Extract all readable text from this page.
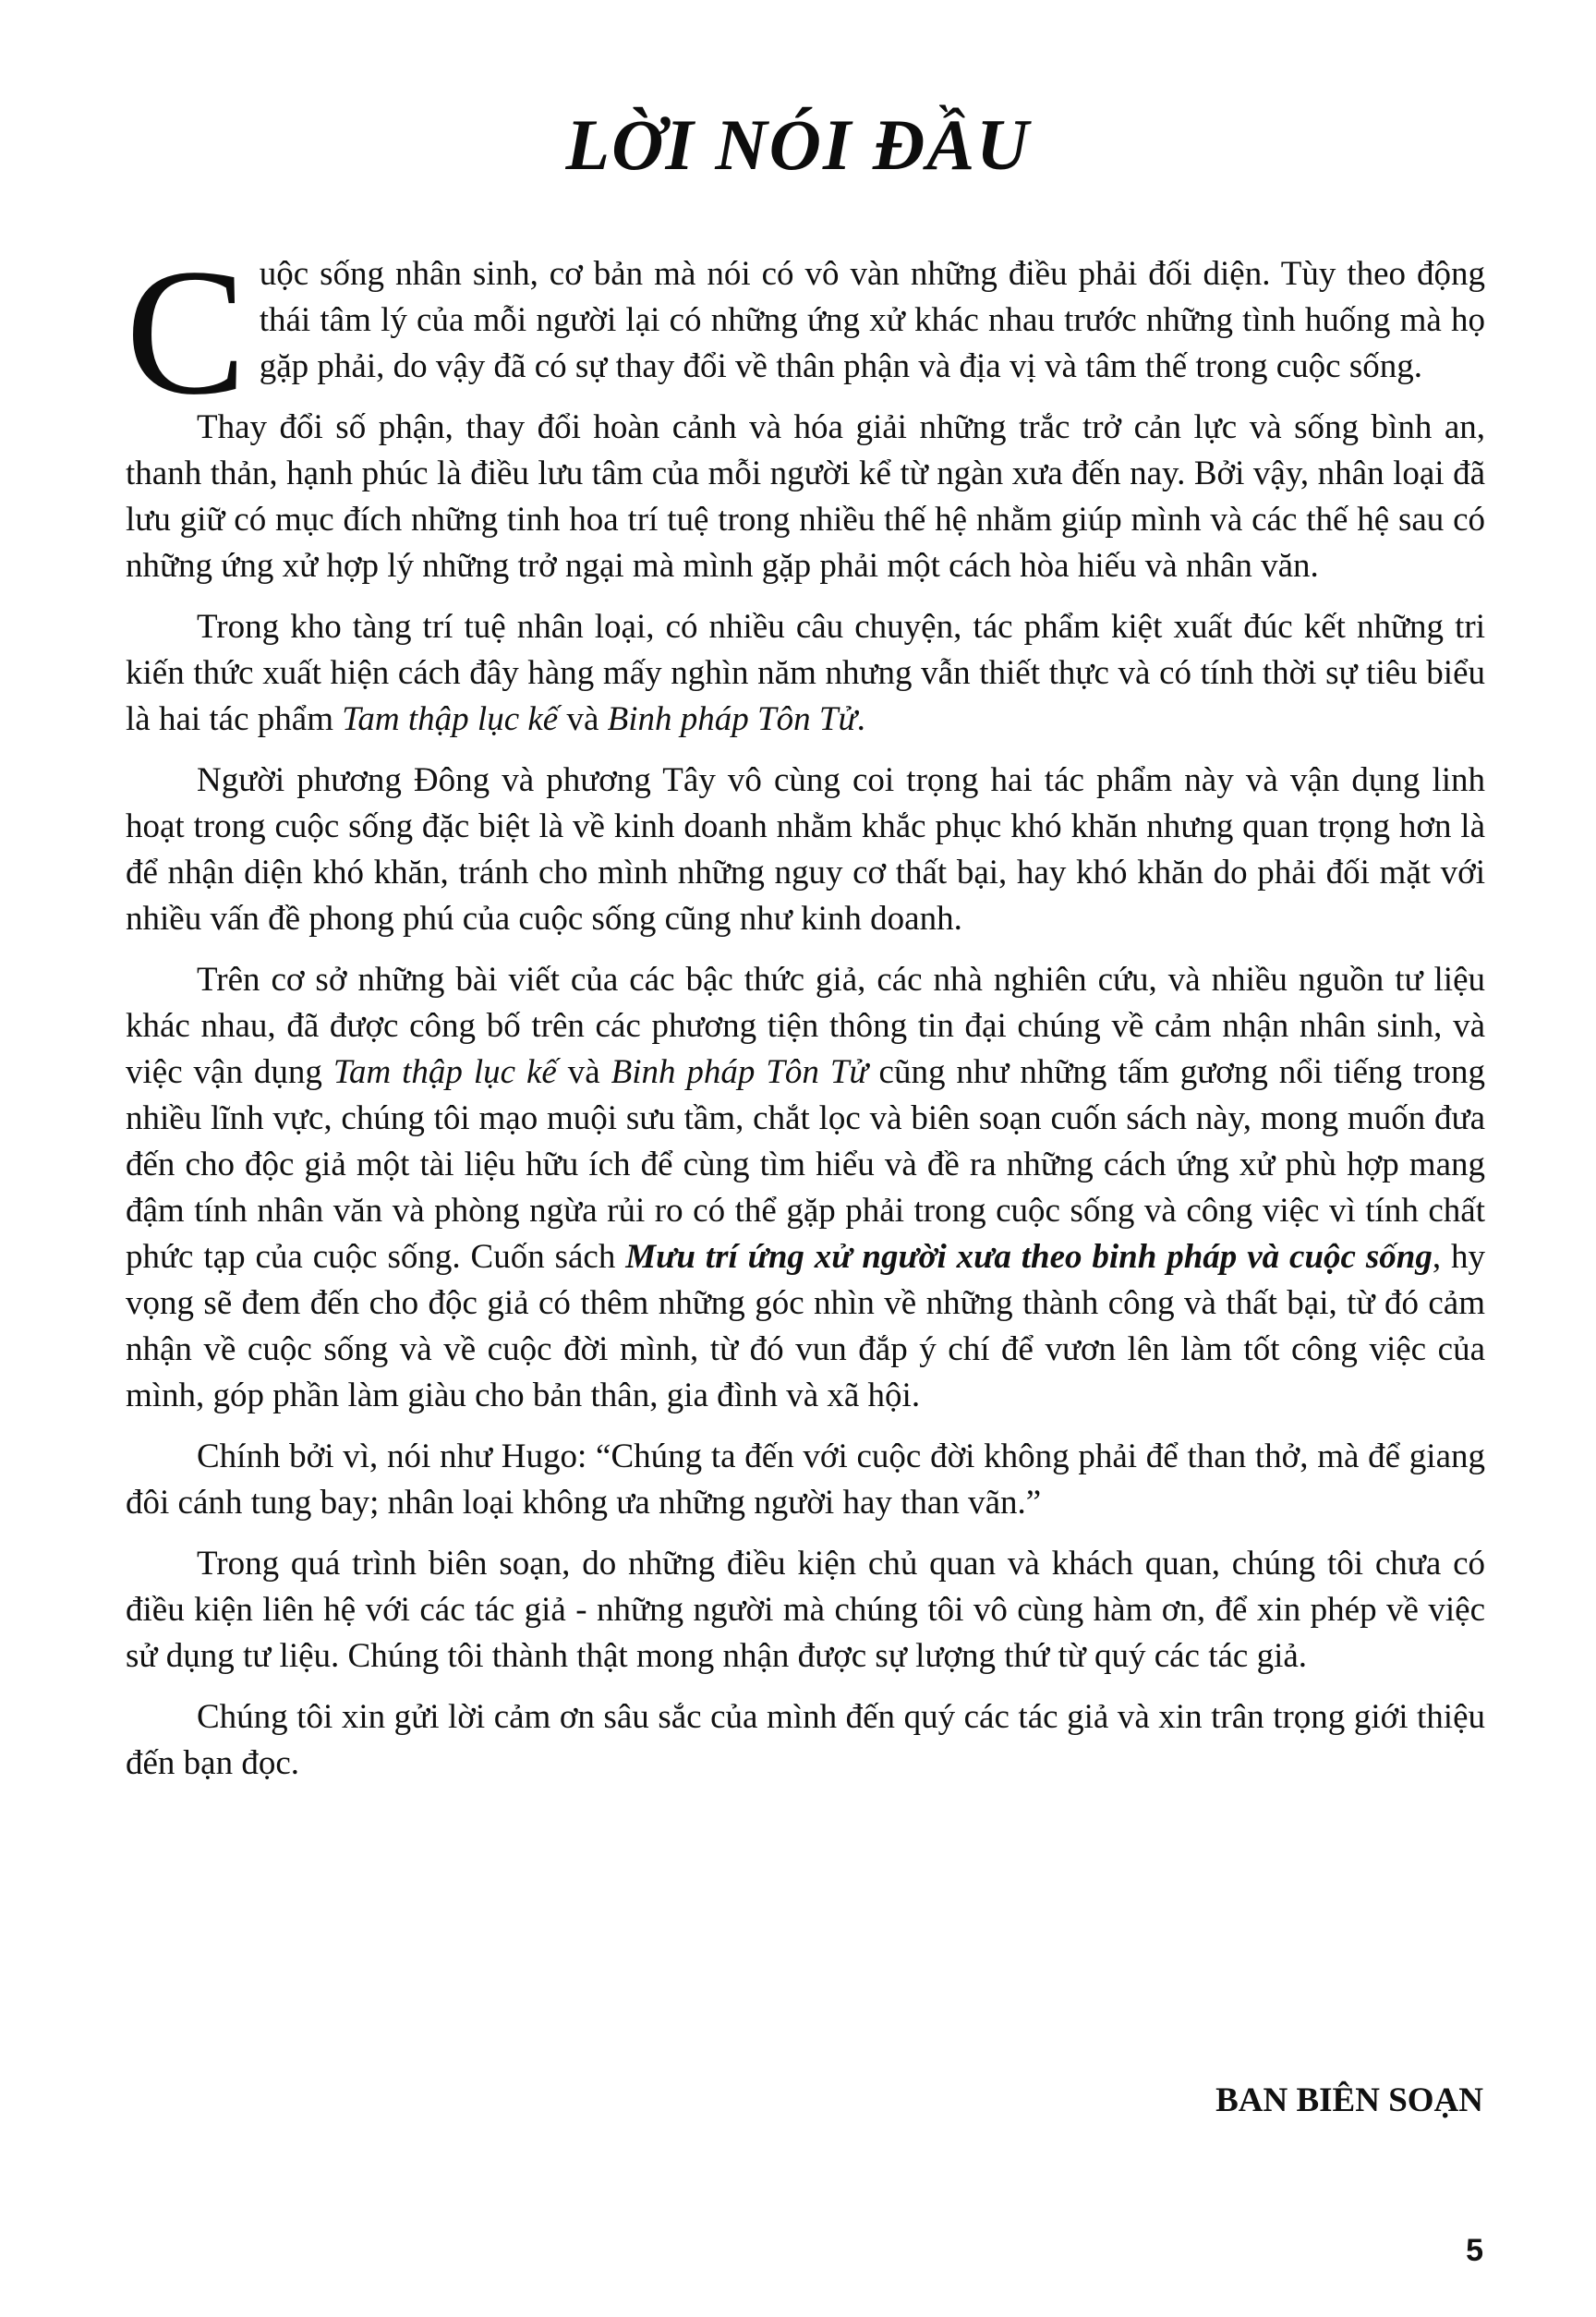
LỜI NÓI ĐẦU

Cuộc sống nhân sinh, cơ bản mà nói có vô vàn những điều phải đối diện. Tùy theo động thái tâm lý của mỗi người lại có những ứng xử khác nhau trước những tình huống mà họ gặp phải, do vậy đã có sự thay đổi về thân phận và địa vị và tâm thế trong cuộc sống.

Thay đổi số phận, thay đổi hoàn cảnh và hóa giải những trắc trở cản lực và sống bình an, thanh thản, hạnh phúc là điều lưu tâm của mỗi người kể từ ngàn xưa đến nay. Bởi vậy, nhân loại đã lưu giữ có mục đích những tinh hoa trí tuệ trong nhiều thế hệ nhằm giúp mình và các thế hệ sau có những ứng xử hợp lý những trở ngại mà mình gặp phải một cách hòa hiếu và nhân văn.

Trong kho tàng trí tuệ nhân loại, có nhiều câu chuyện, tác phẩm kiệt xuất đúc kết những tri kiến thức xuất hiện cách đây hàng mấy nghìn năm nhưng vẫn thiết thực và có tính thời sự tiêu biểu là hai tác phẩm Tam thập lục kế và Binh pháp Tôn Tử.

Người phương Đông và phương Tây vô cùng coi trọng hai tác phẩm này và vận dụng linh hoạt trong cuộc sống đặc biệt là về kinh doanh nhằm khắc phục khó khăn nhưng quan trọng hơn là để nhận diện khó khăn, tránh cho mình những nguy cơ thất bại, hay khó khăn do phải đối mặt với nhiều vấn đề phong phú của cuộc sống cũng như kinh doanh.

Trên cơ sở những bài viết của các bậc thức giả, các nhà nghiên cứu, và nhiều nguồn tư liệu khác nhau, đã được công bố trên các phương tiện thông tin đại chúng về cảm nhận nhân sinh, và việc vận dụng Tam thập lục kế và Binh pháp Tôn Tử cũng như những tấm gương nổi tiếng trong nhiều lĩnh vực, chúng tôi mạo muội sưu tầm, chắt lọc và biên soạn cuốn sách này, mong muốn đưa đến cho độc giả một tài liệu hữu ích để cùng tìm hiểu và đề ra những cách ứng xử phù hợp mang đậm tính nhân văn và phòng ngừa rủi ro có thể gặp phải trong cuộc sống và công việc vì tính chất phức tạp của cuộc sống. Cuốn sách Mưu trí ứng xử người xưa theo binh pháp và cuộc sống, hy vọng sẽ đem đến cho độc giả có thêm những góc nhìn về những thành công và thất bại, từ đó cảm nhận về cuộc sống và về cuộc đời mình, từ đó vun đắp ý chí để vươn lên làm tốt công việc của mình, góp phần làm giàu cho bản thân, gia đình và xã hội.

Chính bởi vì, nói như Hugo: “Chúng ta đến với cuộc đời không phải để than thở, mà để giang đôi cánh tung bay; nhân loại không ưa những người hay than vãn.”

Trong quá trình biên soạn, do những điều kiện chủ quan và khách quan, chúng tôi chưa có điều kiện liên hệ với các tác giả - những người mà chúng tôi vô cùng hàm ơn, để xin phép về việc sử dụng tư liệu. Chúng tôi thành thật mong nhận được sự lượng thứ từ quý các tác giả.

Chúng tôi xin gửi lời cảm ơn sâu sắc của mình đến quý các tác giả và xin trân trọng giới thiệu đến bạn đọc.

BAN BIÊN SOẠN
5
